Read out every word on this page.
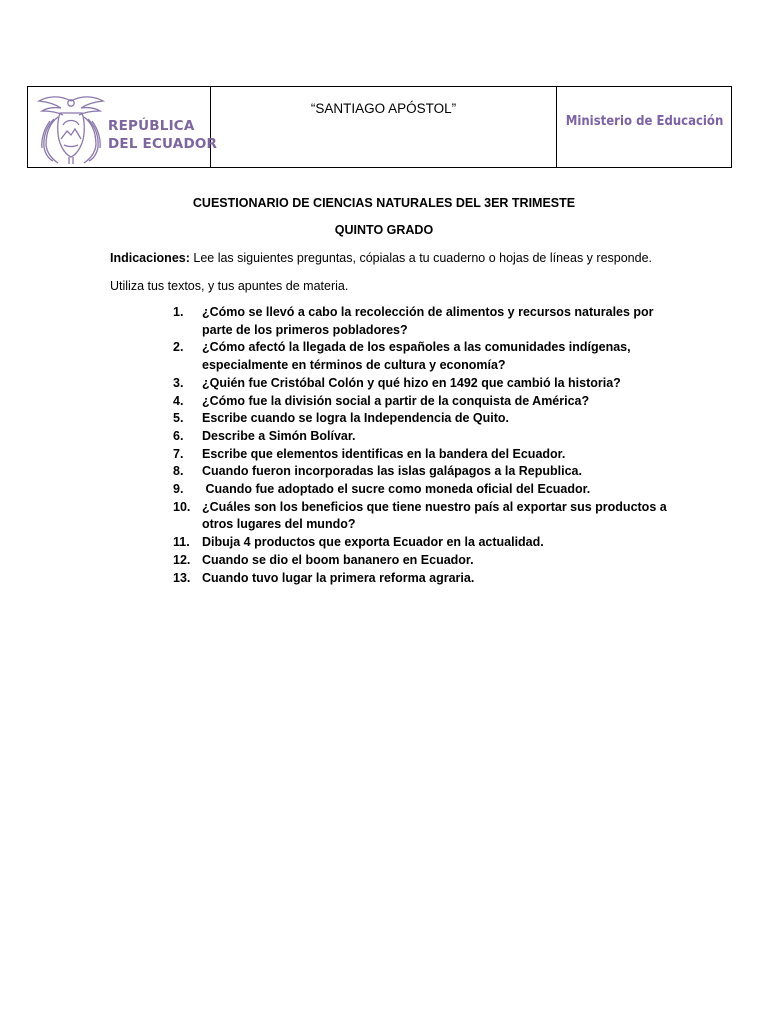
REPÚBLICA
DEL ECUADOR
“SANTIAGO APÓSTOL”
Ministerio de Educación
CUESTIONARIO DE CIENCIAS NATURALES DEL 3ER TRIMESTE
QUINTO GRADO
Indicaciones: Lee las siguientes preguntas, cópialas a tu cuaderno o hojas de líneas y responde.
Utiliza tus textos, y tus apuntes de materia.
1.	¿Cómo se llevó a cabo la recolección de alimentos y recursos naturales por
parte de los primeros pobladores?
2.	¿Cómo afectó la llegada de los españoles a las comunidades indígenas,
especialmente en términos de cultura y economía?
3.	¿Quién fue Cristóbal Colón y qué hizo en 1492 que cambió la historia?
4.	¿Cómo fue la división social a partir de la conquista de América?
5.	Escribe cuando se logra la Independencia de Quito.
6.	Describe a Simón Bolívar.
7.	Escribe que elementos identificas en la bandera del Ecuador.
8.	Cuando fueron incorporadas las islas galápagos a la Republica.
9.	Cuando fue adoptado el sucre como moneda oficial del Ecuador.
10. ¿Cuáles son los beneficios que tiene nuestro país al exportar sus productos a
otros lugares del mundo?
11. Dibuja 4 productos que exporta Ecuador en la actualidad.
12. Cuando se dio el boom bananero en Ecuador.
13. Cuando tuvo lugar la primera reforma agraria.
